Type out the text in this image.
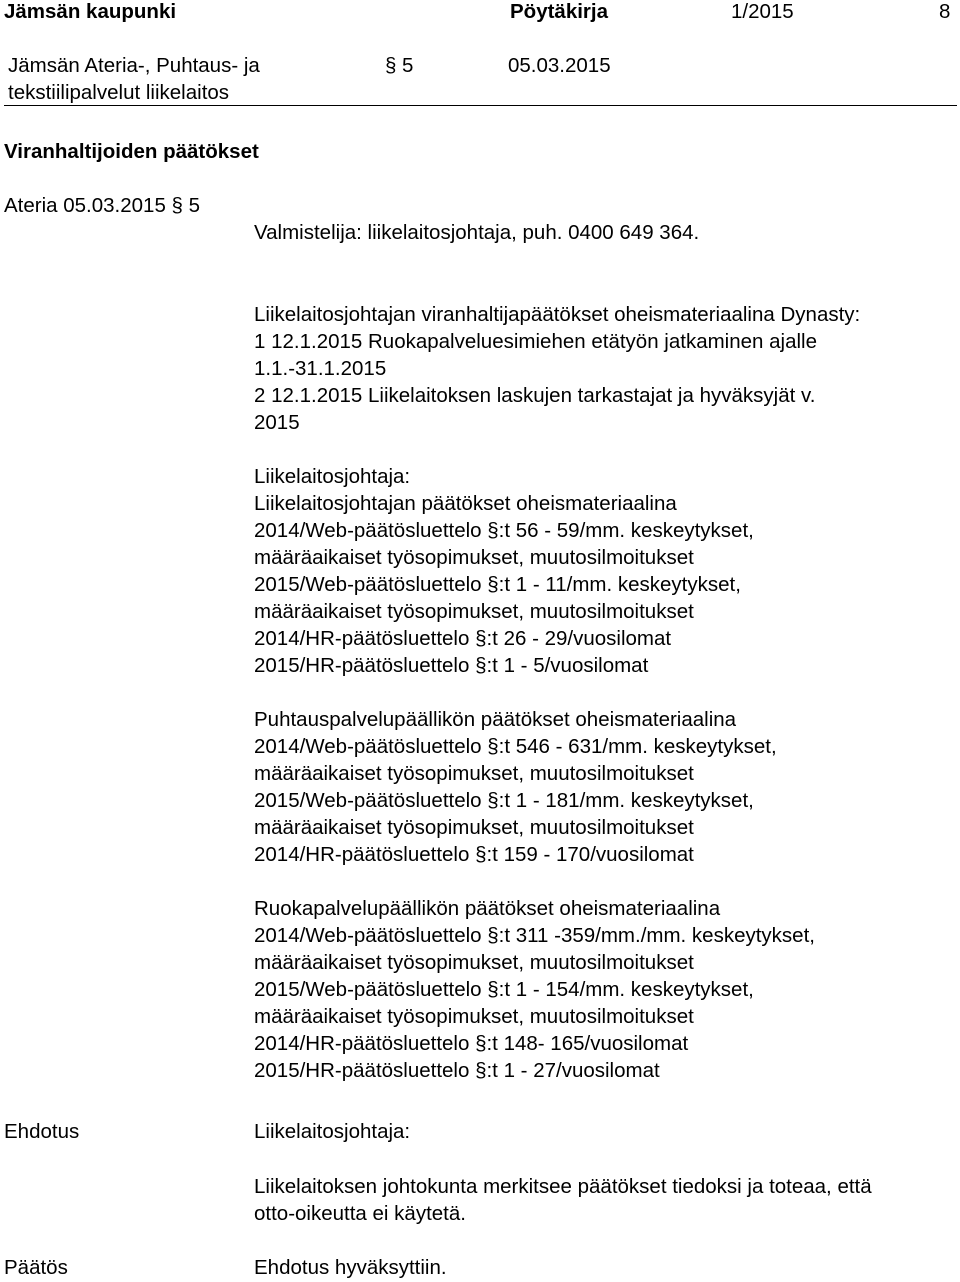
Jämsän kaupunki	Pöytäkirja	1/2015	8
Jämsän Ateria-, Puhtaus- ja
tekstiilipalvelut liikelaitos
§ 5	05.03.2015
Viranhaltijoiden päätökset
Ateria 05.03.2015 § 5
Valmistelija: liikelaitosjohtaja, puh. 0400 649 364.
Liikelaitosjohtajan viranhaltijapäätökset oheismateriaalina Dynasty:
1 12.1.2015 Ruokapalveluesimiehen etätyön jatkaminen ajalle
1.1.-31.1.2015
2 12.1.2015 Liikelaitoksen laskujen tarkastajat ja hyväksyjät v.
2015
Liikelaitosjohtaja:
Liikelaitosjohtajan päätökset oheismateriaalina
2014/Web-päätösluettelo §:t 56 - 59/mm. keskeytykset,
määräaikaiset työsopimukset, muutosilmoitukset
2015/Web-päätösluettelo §:t 1 - 11/mm. keskeytykset,
määräaikaiset työsopimukset, muutosilmoitukset
2014/HR-päätösluettelo §:t 26 - 29/vuosilomat
2015/HR-päätösluettelo §:t 1 - 5/vuosilomat
Puhtauspalvelupäällikön päätökset oheismateriaalina
2014/Web-päätösluettelo §:t 546 - 631/mm. keskeytykset,
määräaikaiset työsopimukset, muutosilmoitukset
2015/Web-päätösluettelo §:t 1 - 181/mm. keskeytykset,
määräaikaiset työsopimukset, muutosilmoitukset
2014/HR-päätösluettelo §:t 159 - 170/vuosilomat
Ruokapalvelupäällikön päätökset oheismateriaalina
2014/Web-päätösluettelo §:t 311 -359/mm./mm. keskeytykset,
määräaikaiset työsopimukset, muutosilmoitukset
2015/Web-päätösluettelo §:t 1 - 154/mm. keskeytykset,
määräaikaiset työsopimukset, muutosilmoitukset
2014/HR-päätösluettelo §:t 148- 165/vuosilomat
2015/HR-päätösluettelo §:t 1 - 27/vuosilomat
Ehdotus	Liikelaitosjohtaja:
Liikelaitoksen johtokunta merkitsee päätökset tiedoksi ja toteaa, että
otto-oikeutta ei käytetä.
Päätös	Ehdotus hyväksyttiin.
